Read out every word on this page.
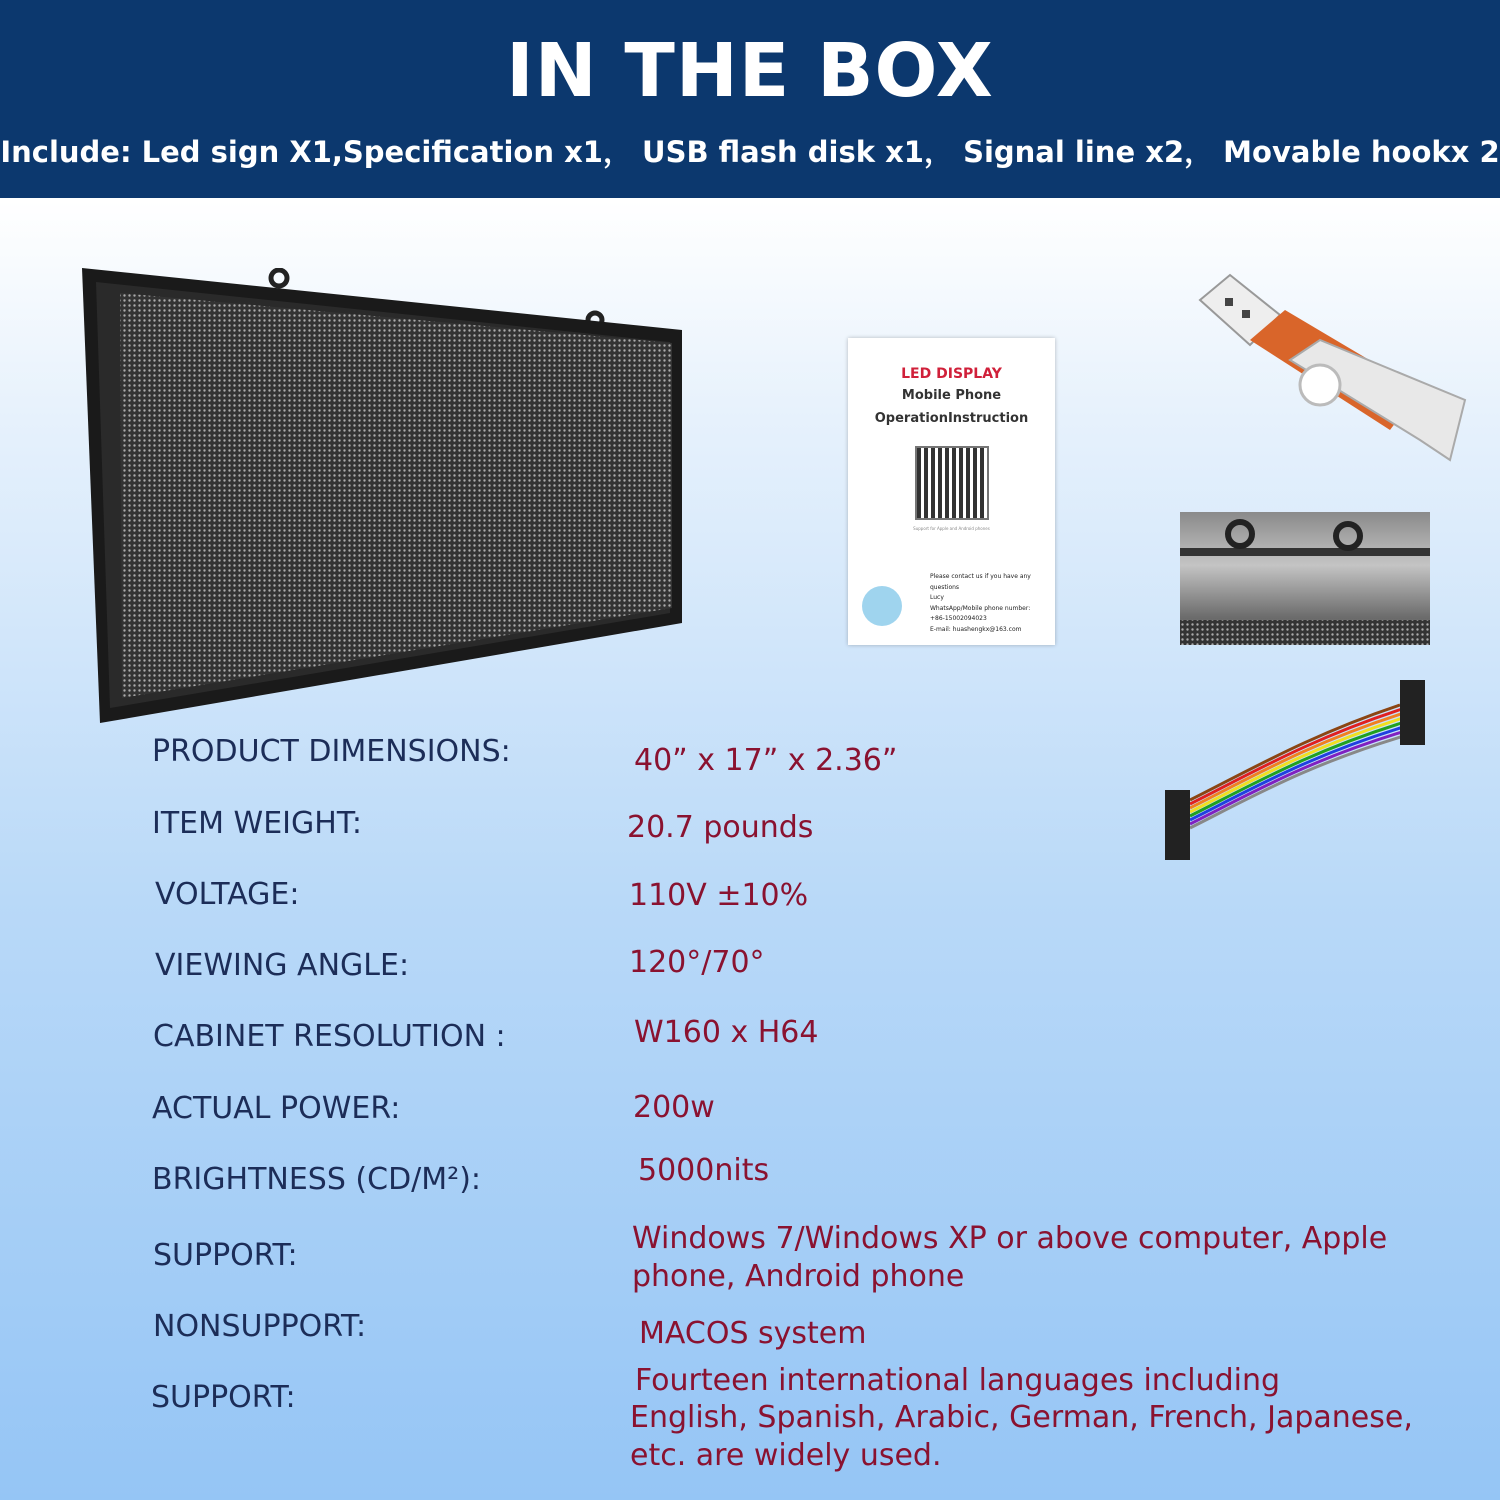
IN THE BOX
Include: Led sign X1,Specification x1， USB flash disk x1， Signal line x2， Movable hookx 2
LED DISPLAY
Mobile Phone
OperationInstruction
Support for Apple and Android phones
Please contact us if you have any
questions
Lucy
WhatsApp/Mobile phone number:
+86-15002094023
E-mail: huashengkx@163.com
PRODUCT DIMENSIONS:	40” x 17” x 2.36”
ITEM WEIGHT:	20.7 pounds
VOLTAGE:	110V ±10%
VIEWING ANGLE:	120°/70°
CABINET RESOLUTION :	W160 x H64
ACTUAL POWER:	200w
BRIGHTNESS (CD/M²):	5000nits
SUPPORT:	Windows 7/Windows XP or above computer, Apple
phone, Android phone
NONSUPPORT:	MACOS system
SUPPORT:	Fourteen international languages including
English, Spanish, Arabic, German, French, Japanese,
etc. are widely used.
